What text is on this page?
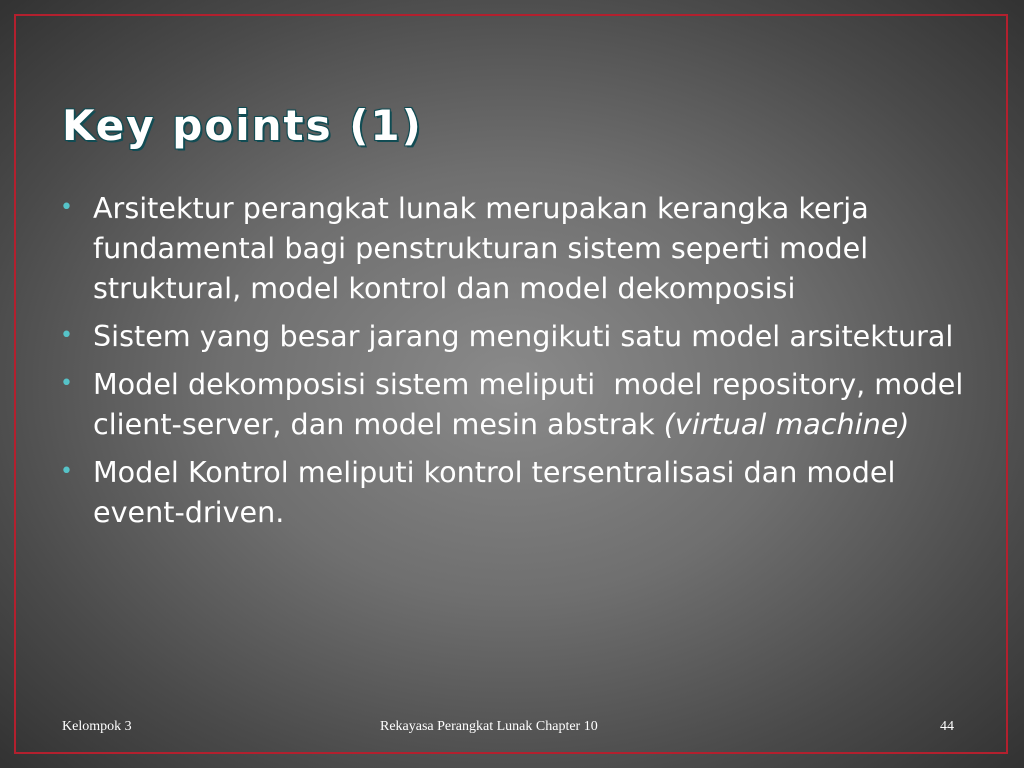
Key points (1)
• Arsitektur perangkat lunak merupakan kerangka kerja fundamental bagi penstrukturan sistem seperti model struktural, model kontrol dan model dekomposisi
• Sistem yang besar jarang mengikuti satu model arsitektural
• Model dekomposisi sistem meliputi  model repository, model client-server, dan model mesin abstrak (virtual machine)
• Model Kontrol meliputi kontrol tersentralisasi dan model event-driven.
Kelompok 3	Rekayasa Perangkat Lunak Chapter 10	44
